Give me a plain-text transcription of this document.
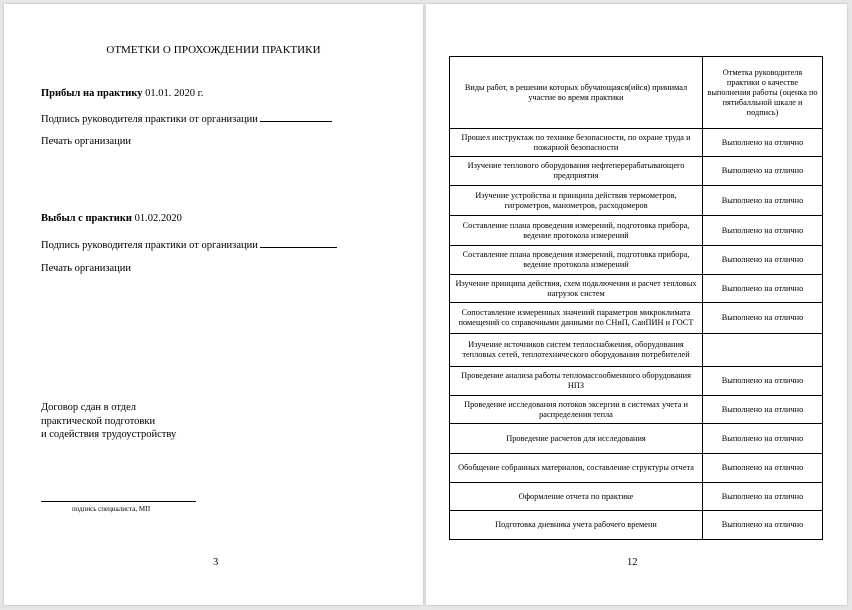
ОТМЕТКИ О ПРОХОЖДЕНИИ ПРАКТИКИ
Прибыл на практику 01.01. 2020 г.
Подпись руководителя практики от организации
Печать организации
Выбыл с практики 01.02.2020
Подпись руководителя практики от организации
Печать организации
Договор сдан в отдел
практической подготовки
и содействия трудоустройству
подпись специалиста, МП
3
Виды работ, в решении которых обучающаяся(ийся) принимал участие во время практики	Отметка руководителя практики о качестве выполнения работы (оценка по пятибалльной шкале и подпись)
Прошел инструктаж по технике безопасности, по охране труда и пожарной безопасности	Выполнено на отлично
Изучение теплового оборудования нефтеперерабатывающего предприятия	Выполнено на отлично
Изучение устройства и принципа действия термометров, гигрометров, манометров, расходомеров	Выполнено на отлично
Составление плана проведения измерений, подготовка прибора, ведение протокола измерений	Выполнено на отлично
Составление плана проведения измерений, подготовка прибора, ведение протокола измерений	Выполнено на отлично
Изучение принципа действия, схем подключения и расчет тепловых нагрузок систем	Выполнено на отлично
Сопоставление измеренных значений параметров микроклимата помещений со справочными данными по СНиП, СанПИН и ГОСТ	Выполнено на отлично
Изучение источников систем теплоснабжения, оборудования тепловых сетей, теплотехнического оборудования потребителей	
Проведение анализа работы тепломассообменного оборудования НПЗ	Выполнено на отлично
Проведение исследования потоков эксергии в системах учета и распределения тепла	Выполнено на отлично
Проведение расчетов для исследования	Выполнено на отлично
Обобщение собранных материалов, составление структуры отчета	Выполнено на отлично
Оформление отчета по практике	Выполнено на отлично
Подготовка дневника учета рабочего времени	Выполнено на отлично
12
